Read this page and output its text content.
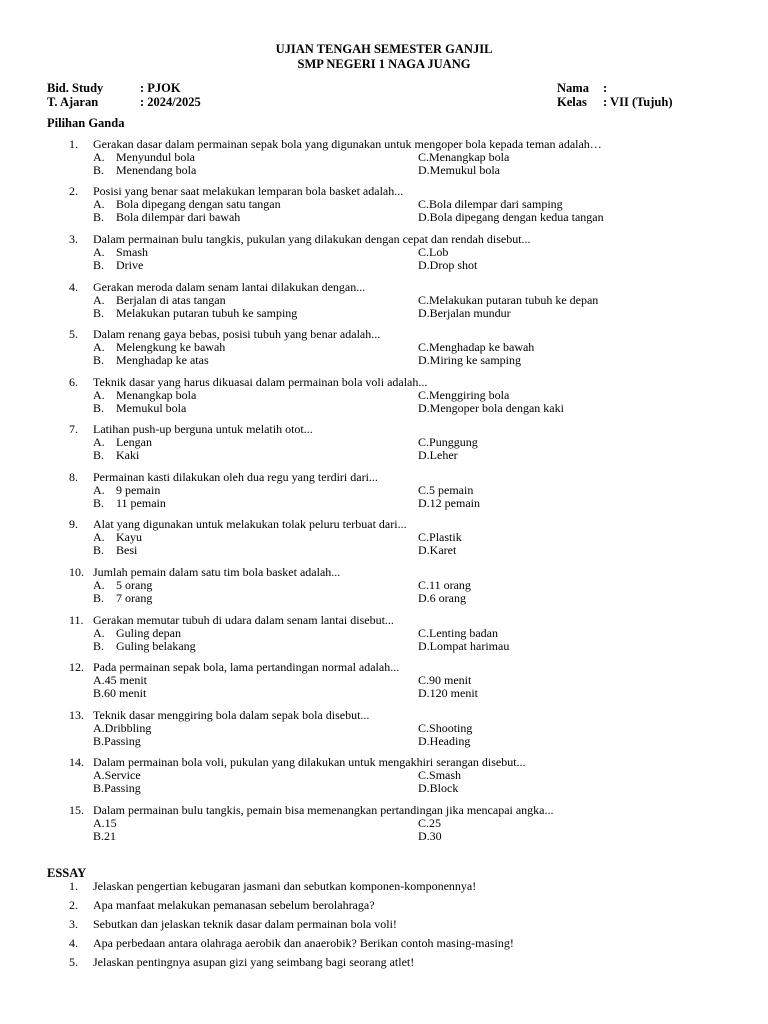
UJIAN TENGAH SEMESTER GANJIL
SMP NEGERI 1 NAGA JUANG
Bid. Study	: PJOK	Nama :
T. Ajaran	: 2024/2025	Kelas : VII (Tujuh)
Pilihan Ganda
1. Gerakan dasar dalam permainan sepak bola yang digunakan untuk mengoper bola kepada teman adalah…
A. Menyundul bola
B. Menendang bola
C.Menangkap bola
D.Memukul bola
2. Posisi yang benar saat melakukan lemparan bola basket adalah...
A. Bola dipegang dengan satu tangan
B. Bola dilempar dari bawah
C.Bola dilempar dari samping
D.Bola dipegang dengan kedua tangan
3. Dalam permainan bulu tangkis, pukulan yang dilakukan dengan cepat dan rendah disebut...
A. Smash
B. Drive
C.Lob
D.Drop shot
4. Gerakan meroda dalam senam lantai dilakukan dengan...
A. Berjalan di atas tangan
B. Melakukan putaran tubuh ke samping
C.Melakukan putaran tubuh ke depan
D.Berjalan mundur
5. Dalam renang gaya bebas, posisi tubuh yang benar adalah...
A. Melengkung ke bawah
B. Menghadap ke atas
C.Menghadap ke bawah
D.Miring ke samping
6. Teknik dasar yang harus dikuasai dalam permainan bola voli adalah...
A. Menangkap bola
B. Memukul bola
C.Menggiring bola
D.Mengoper bola dengan kaki
7. Latihan push-up berguna untuk melatih otot...
A. Lengan
B. Kaki
C.Punggung
D.Leher
8. Permainan kasti dilakukan oleh dua regu yang terdiri dari...
A. 9 pemain
B. 11 pemain
C.5 pemain
D.12 pemain
9. Alat yang digunakan untuk melakukan tolak peluru terbuat dari...
A. Kayu
B. Besi
C.Plastik
D.Karet
10. Jumlah pemain dalam satu tim bola basket adalah...
A. 5 orang
B. 7 orang
C.11 orang
D.6 orang
11. Gerakan memutar tubuh di udara dalam senam lantai disebut...
A. Guling depan
B. Guling belakang
C.Lenting badan
D.Lompat harimau
12. Pada permainan sepak bola, lama pertandingan normal adalah...
A.45 menit
B.60 menit
C.90 menit
D.120 menit
13. Teknik dasar menggiring bola dalam sepak bola disebut...
A.Dribbling
B.Passing
C.Shooting
D.Heading
14. Dalam permainan bola voli, pukulan yang dilakukan untuk mengakhiri serangan disebut...
A.Service
B.Passing
C.Smash
D.Block
15. Dalam permainan bulu tangkis, pemain bisa memenangkan pertandingan jika mencapai angka...
A.15
B.21
C.25
D.30
ESSAY
1. Jelaskan pengertian kebugaran jasmani dan sebutkan komponen-komponennya!
2. Apa manfaat melakukan pemanasan sebelum berolahraga?
3. Sebutkan dan jelaskan teknik dasar dalam permainan bola voli!
4. Apa perbedaan antara olahraga aerobik dan anaerobik? Berikan contoh masing-masing!
5. Jelaskan pentingnya asupan gizi yang seimbang bagi seorang atlet!
